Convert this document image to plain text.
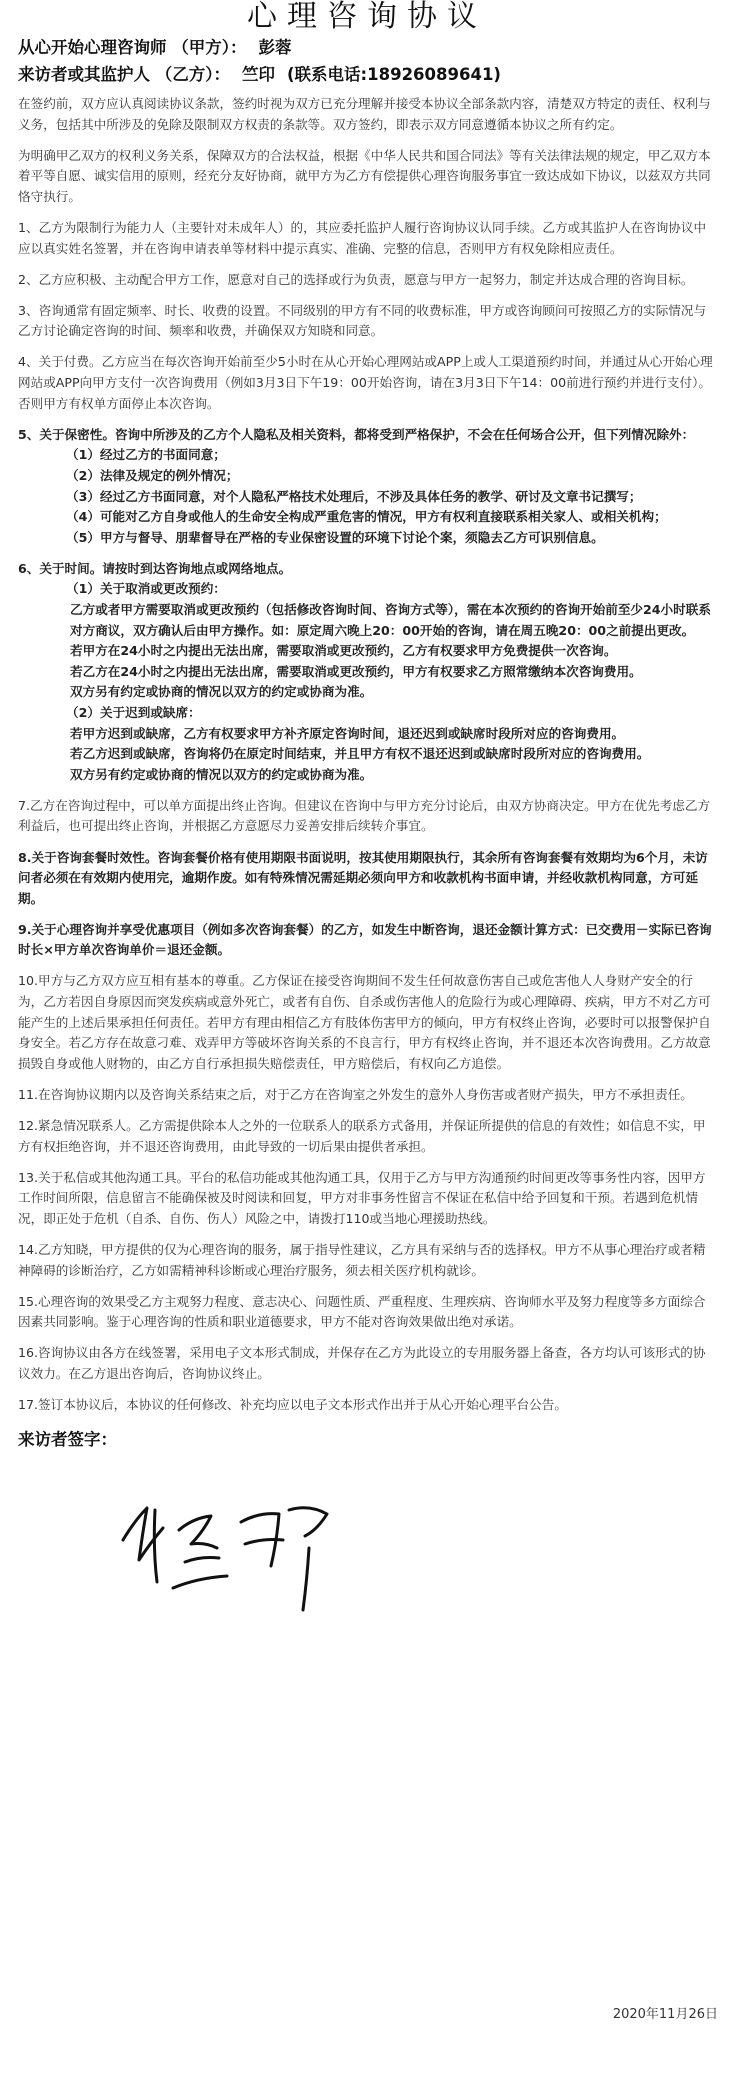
心理咨询协议

从心开始心理咨询师 （甲方）： 彭蓉

来访者或其监护人 （乙方）： 竺印 (联系电话:18926089641)

在签约前，双方应认真阅读协议条款，签约时视为双方已充分理解并接受本协议全部条款内容，清楚双方特定的责任、权利与义务，包括其中所涉及的免除及限制双方权责的条款等。双方签约，即表示双方同意遵循本协议之所有约定。

为明确甲乙双方的权利义务关系，保障双方的合法权益，根据《中华人民共和国合同法》等有关法律法规的规定，甲乙双方本着平等自愿、诚实信用的原则，经充分友好协商，就甲方为乙方有偿提供心理咨询服务事宜一致达成如下协议，以兹双方共同恪守执行。

1、乙方为限制行为能力人（主要针对未成年人）的，其应委托监护人履行咨询协议认同手续。乙方或其监护人在咨询协议中应以真实姓名签署，并在咨询申请表单等材料中提示真实、准确、完整的信息，否则甲方有权免除相应责任。

2、乙方应积极、主动配合甲方工作，愿意对自己的选择或行为负责，愿意与甲方一起努力，制定并达成合理的咨询目标。

3、咨询通常有固定频率、时长、收费的设置。不同级别的甲方有不同的收费标准，甲方或咨询顾问可按照乙方的实际情况与乙方讨论确定咨询的时间、频率和收费，并确保双方知晓和同意。

4、关于付费。乙方应当在每次咨询开始前至少5小时在从心开始心理网站或APP上或人工渠道预约时间，并通过从心开始心理网站或APP向甲方支付一次咨询费用（例如3月3日下午19：00开始咨询，请在3月3日下午14：00前进行预约并进行支付）。否则甲方有权单方面停止本次咨询。

5、关于保密性。咨询中所涉及的乙方个人隐私及相关资料，都将受到严格保护，不会在任何场合公开，但下列情况除外：

（1）经过乙方的书面同意；

（2）法律及规定的例外情况；

（3）经过乙方书面同意，对个人隐私严格技术处理后，不涉及具体任务的教学、研讨及文章书记撰写；

（4）可能对乙方自身或他人的生命安全构成严重危害的情况，甲方有权利直接联系相关家人、或相关机构；

（5）甲方与督导、朋辈督导在严格的专业保密设置的环境下讨论个案，须隐去乙方可识别信息。

6、关于时间。请按时到达咨询地点或网络地点。

（1）关于取消或更改预约：

乙方或者甲方需要取消或更改预约（包括修改咨询时间、咨询方式等），需在本次预约的咨询开始前至少24小时联系对方商议，双方确认后由甲方操作。如：原定周六晚上20：00开始的咨询，请在周五晚20：00之前提出更改。

若甲方在24小时之内提出无法出席，需要取消或更改预约，乙方有权要求甲方免费提供一次咨询。

若乙方在24小时之内提出无法出席，需要取消或更改预约，甲方有权要求乙方照常缴纳本次咨询费用。

双方另有约定或协商的情况以双方的约定或协商为准。

（2）关于迟到或缺席：

若甲方迟到或缺席，乙方有权要求甲方补齐原定咨询时间，退还迟到或缺席时段所对应的咨询费用。

若乙方迟到或缺席，咨询将仍在原定时间结束，并且甲方有权不退还迟到或缺席时段所对应的咨询费用。

双方另有约定或协商的情况以双方的约定或协商为准。

7.乙方在咨询过程中，可以单方面提出终止咨询。但建议在咨询中与甲方充分讨论后，由双方协商决定。甲方在优先考虑乙方利益后，也可提出终止咨询，并根据乙方意愿尽力妥善安排后续转介事宜。

8.关于咨询套餐时效性。咨询套餐价格有使用期限书面说明，按其使用期限执行，其余所有咨询套餐有效期均为6个月，未访问者必须在有效期内使用完，逾期作废。如有特殊情况需延期必须向甲方和收款机构书面申请，并经收款机构同意，方可延期。

9.关于心理咨询并享受优惠项目（例如多次咨询套餐）的乙方，如发生中断咨询，退还金额计算方式：已交费用－实际已咨询时长×甲方单次咨询单价＝退还金额。

10.甲方与乙方双方应互相有基本的尊重。乙方保证在接受咨询期间不发生任何故意伤害自己或危害他人人身财产安全的行为，乙方若因自身原因而突发疾病或意外死亡，或者有自伤、自杀或伤害他人的危险行为或心理障碍、疾病，甲方不对乙方可能产生的上述后果承担任何责任。若甲方有理由相信乙方有肢体伤害甲方的倾向，甲方有权终止咨询，必要时可以报警保护自身安全。若乙方存在故意刁难、戏弄甲方等破坏咨询关系的不良言行，甲方有权终止咨询，并不退还本次咨询费用。乙方故意损毁自身或他人财物的，由乙方自行承担损失赔偿责任，甲方赔偿后，有权向乙方追偿。

11.在咨询协议期内以及咨询关系结束之后，对于乙方在咨询室之外发生的意外人身伤害或者财产损失，甲方不承担责任。

12.紧急情况联系人。乙方需提供除本人之外的一位联系人的联系方式备用，并保证所提供的信息的有效性；如信息不实，甲方有权拒绝咨询，并不退还咨询费用，由此导致的一切后果由提供者承担。

13.关于私信或其他沟通工具。平台的私信功能或其他沟通工具，仅用于乙方与甲方沟通预约时间更改等事务性内容，因甲方工作时间所限，信息留言不能确保被及时阅读和回复，甲方对非事务性留言不保证在私信中给予回复和干预。若遇到危机情况，即正处于危机（自杀、自伤、伤人）风险之中，请拨打110或当地心理援助热线。

14.乙方知晓，甲方提供的仅为心理咨询的服务，属于指导性建议，乙方具有采纳与否的选择权。甲方不从事心理治疗或者精神障碍的诊断治疗，乙方如需精神科诊断或心理治疗服务，须去相关医疗机构就诊。

15.心理咨询的效果受乙方主观努力程度、意志决心、问题性质、严重程度、生理疾病、咨询师水平及努力程度等多方面综合因素共同影响。鉴于心理咨询的性质和职业道德要求，甲方不能对咨询效果做出绝对承诺。

16.咨询协议由各方在线签署，采用电子文本形式制成，并保存在乙方为此设立的专用服务器上备查，各方均认可该形式的协议效力。在乙方退出咨询后，咨询协议终止。

17.签订本协议后，本协议的任何修改、补充均应以电子文本形式作出并于从心开始心理平台公告。

来访者签字：

2020年11月26日
